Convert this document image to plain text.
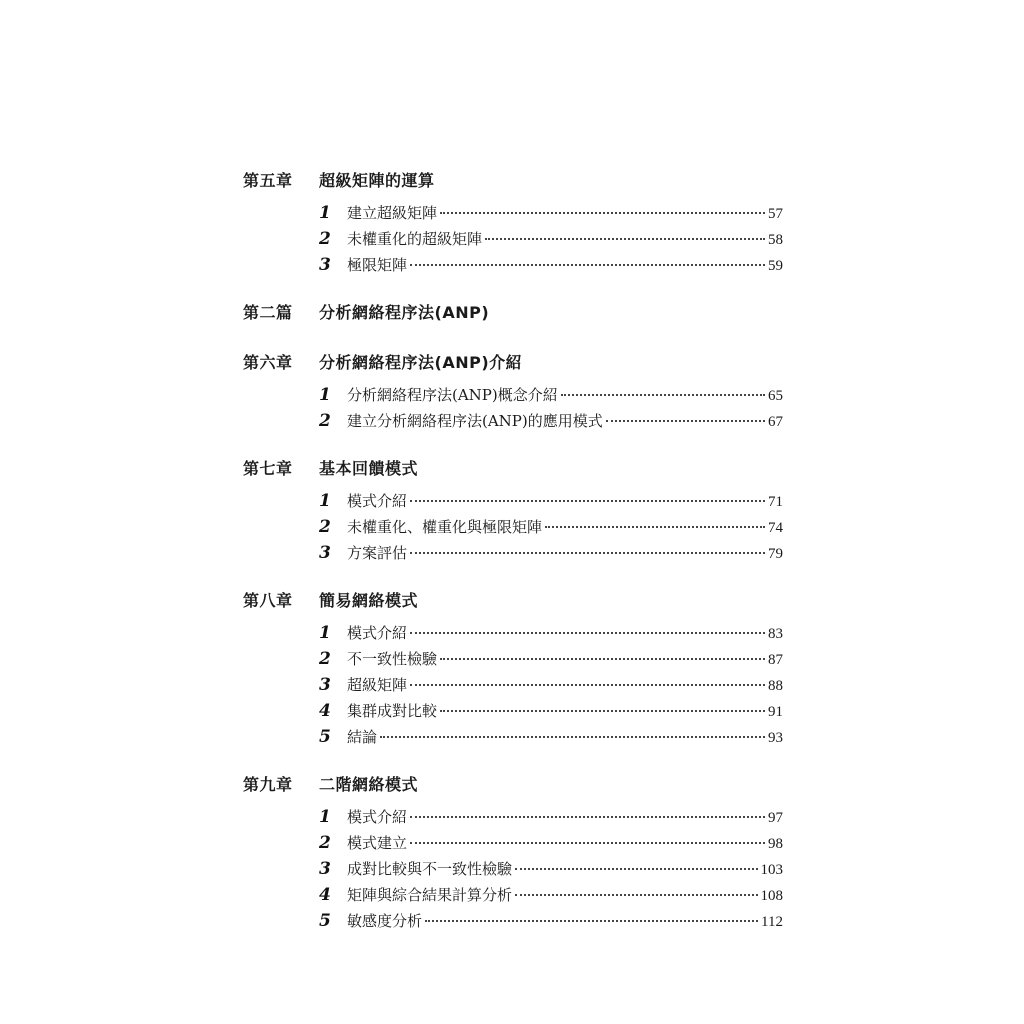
第五章	超級矩陣的運算
1	建立超級矩陣	57
2	未權重化的超級矩陣	58
3	極限矩陣	59
第二篇	分析網絡程序法(ANP)
第六章	分析網絡程序法(ANP)介紹
1	分析網絡程序法(ANP)概念介紹	65
2	建立分析網絡程序法(ANP)的應用模式	67
第七章	基本回饋模式
1	模式介紹	71
2	未權重化、權重化與極限矩陣	74
3	方案評估	79
第八章	簡易網絡模式
1	模式介紹	83
2	不一致性檢驗	87
3	超級矩陣	88
4	集群成對比較	91
5	結論	93
第九章	二階網絡模式
1	模式介紹	97
2	模式建立	98
3	成對比較與不一致性檢驗	103
4	矩陣與綜合結果計算分析	108
5	敏感度分析	112
